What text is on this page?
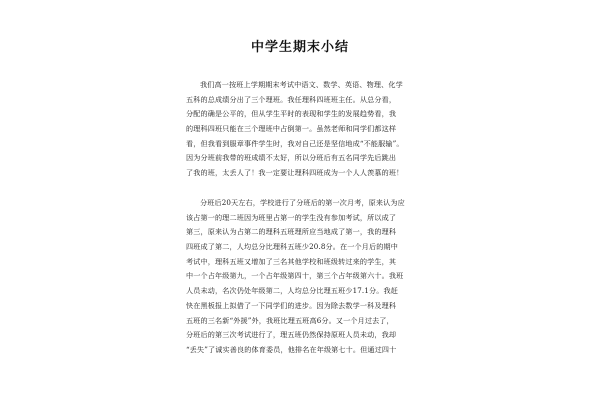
中学生期末小结
我们高一按班上学期期末考试中语文、数学、英语、物理、化学
五科的总成绩分出了三个理班。我任理科四班班主任。从总分看，
分配的确是公平的，但从学生平时的表现和学生的发展趋势看，我
的理科四班只能在三个理班中占倒第一。虽然老师和同学们都这样
看，但我看到服章事件学生时，我对自己还是坚信地成“不能服输”。
因为分班前我带的班成绩不太好，所以分班后有五名同学先后跳出
了我的班，太丢人了！我一定要让理科四班成为一个人人羡慕的班！
分班后20天左右，学校进行了分班后的第一次月考，原来认为应
该占第一的理二班因为班里占第一的学生没有参加考试，所以成了
第三，原来认为占第二的理科五班理所应当地成了第一，我的理科
四班成了第二，人均总分比理科五班少20.8分。在一个月后的期中
考试中，理科五班又增加了三名其他学校和班级转过来的学生，其
中一个占年级第九，一个占年级第四十，第三个占年级第六十。我班
人员未动，名次仍处年级第二，人均总分比理五班少17.1分。我赶
快在黑板报上拟借了一下同学们的进步。因为除去数学一科及理科
五班的三名新“外援”外，我班比理五班高6分。又一个月过去了，
分班后的第三次考试进行了，理五班仍然保持原班人员未动，我却
“丢失”了诚实善良的体育委员，他排名在年级第七十。但通过四十
